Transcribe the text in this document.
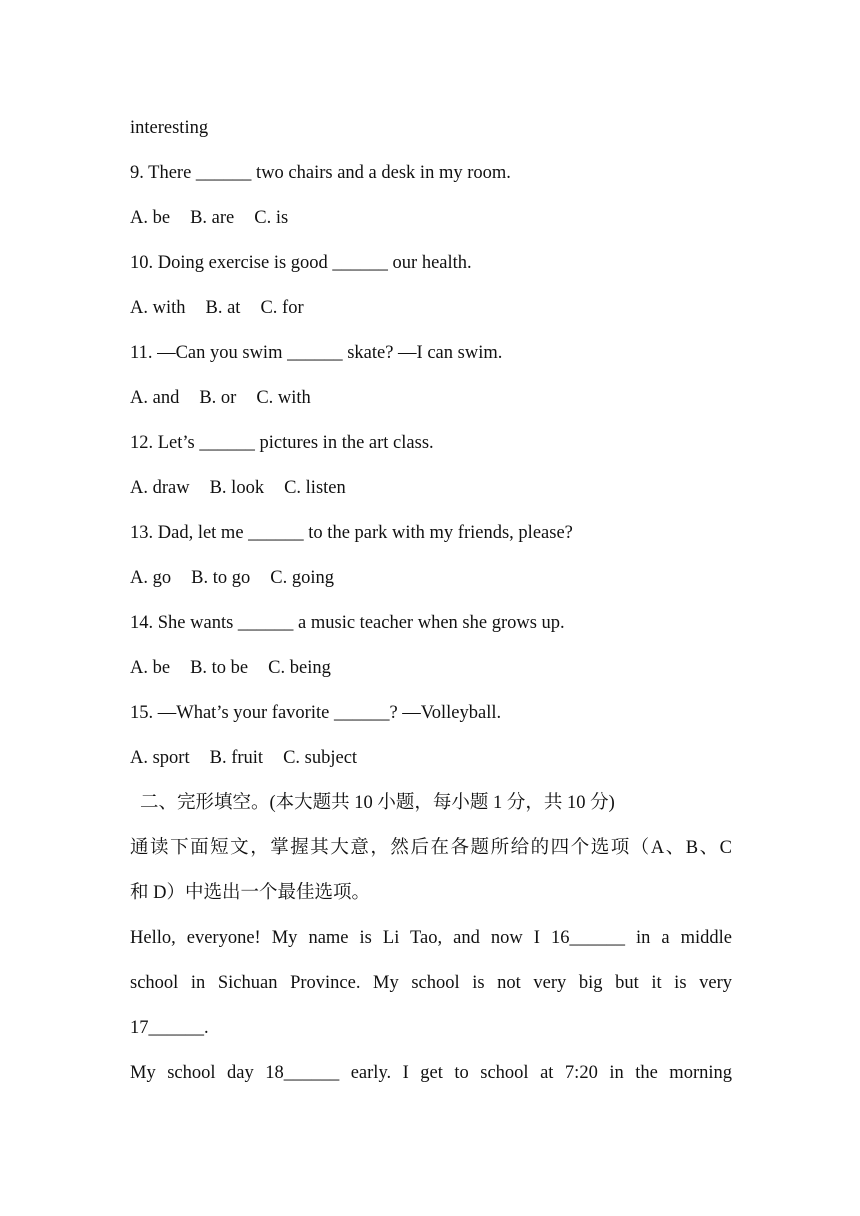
interesting
9. There ______ two chairs and a desk in my room.
A. be B. are C. is
10. Doing exercise is good ______ our health.
A. with B. at C. for
11. —Can you swim ______ skate? —I can swim.
A. and B. or C. with
12. Let’s ______ pictures in the art class.
A. draw B. look C. listen
13. Dad, let me ______ to the park with my friends, please?
A. go B. to go C. going
14. She wants ______ a music teacher when she grows up.
A. be B. to be C. being
15. —What’s your favorite ______? —Volleyball.
A. sport B. fruit C. subject
二、完形填空。(本大题共 10 小题，每小题 1 分，共 10 分)
通读下面短文，掌握其大意，然后在各题所给的四个选项（A、B、C
和 D）中选出一个最佳选项。
Hello, everyone! My name is Li Tao, and now I 16______ in a middle
school in Sichuan Province. My school is not very big but it is very
17______.
My school day 18______ early. I get to school at 7:20 in the morning
